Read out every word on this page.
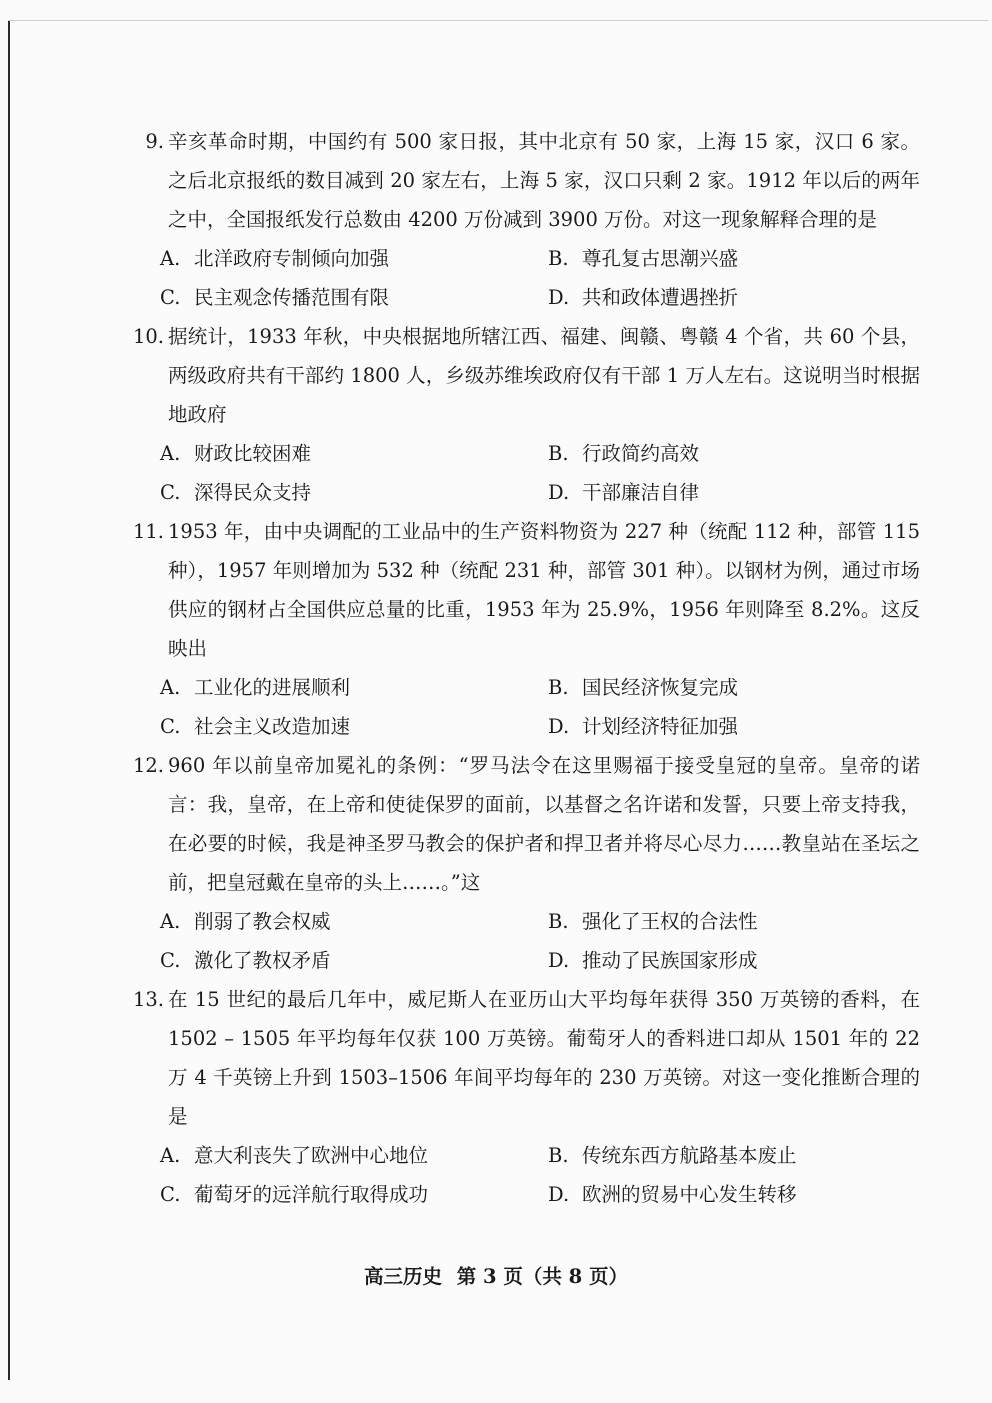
9. 辛亥革命时期，中国约有 500 家日报，其中北京有 50 家，上海 15 家，汉口 6 家。之后北京报纸的数目减到 20 家左右，上海 5 家，汉口只剩 2 家。1912 年以后的两年之中，全国报纸发行总数由 4200 万份减到 3900 万份。对这一现象解释合理的是
A. 北洋政府专制倾向加强	B. 尊孔复古思潮兴盛
C. 民主观念传播范围有限	D. 共和政体遭遇挫折
10. 据统计，1933 年秋，中央根据地所辖江西、福建、闽赣、粤赣 4 个省，共 60 个县，两级政府共有干部约 1800 人，乡级苏维埃政府仅有干部 1 万人左右。这说明当时根据地政府
A. 财政比较困难	B. 行政简约高效
C. 深得民众支持	D. 干部廉洁自律
11. 1953 年，由中央调配的工业品中的生产资料物资为 227 种（统配 112 种，部管 115 种），1957 年则增加为 532 种（统配 231 种，部管 301 种）。以钢材为例，通过市场供应的钢材占全国供应总量的比重，1953 年为 25.9%，1956 年则降至 8.2%。这反映出
A. 工业化的进展顺利	B. 国民经济恢复完成
C. 社会主义改造加速	D. 计划经济特征加强
12. 960 年以前皇帝加冕礼的条例：“罗马法令在这里赐福于接受皇冠的皇帝。皇帝的诺言：我，皇帝，在上帝和使徒保罗的面前，以基督之名许诺和发誓，只要上帝支持我，在必要的时候，我是神圣罗马教会的保护者和捍卫者并将尽心尽力……教皇站在圣坛之前，把皇冠戴在皇帝的头上……。”这
A. 削弱了教会权威	B. 强化了王权的合法性
C. 激化了教权矛盾	D. 推动了民族国家形成
13. 在 15 世纪的最后几年中，威尼斯人在亚历山大平均每年获得 350 万英镑的香料，在 1502 – 1505 年平均每年仅获 100 万英镑。葡萄牙人的香料进口却从 1501 年的 22 万 4 千英镑上升到 1503–1506 年间平均每年的 230 万英镑。对这一变化推断合理的是
A. 意大利丧失了欧洲中心地位	B. 传统东西方航路基本废止
C. 葡萄牙的远洋航行取得成功	D. 欧洲的贸易中心发生转移
高三历史 第 3 页（共 8 页）
